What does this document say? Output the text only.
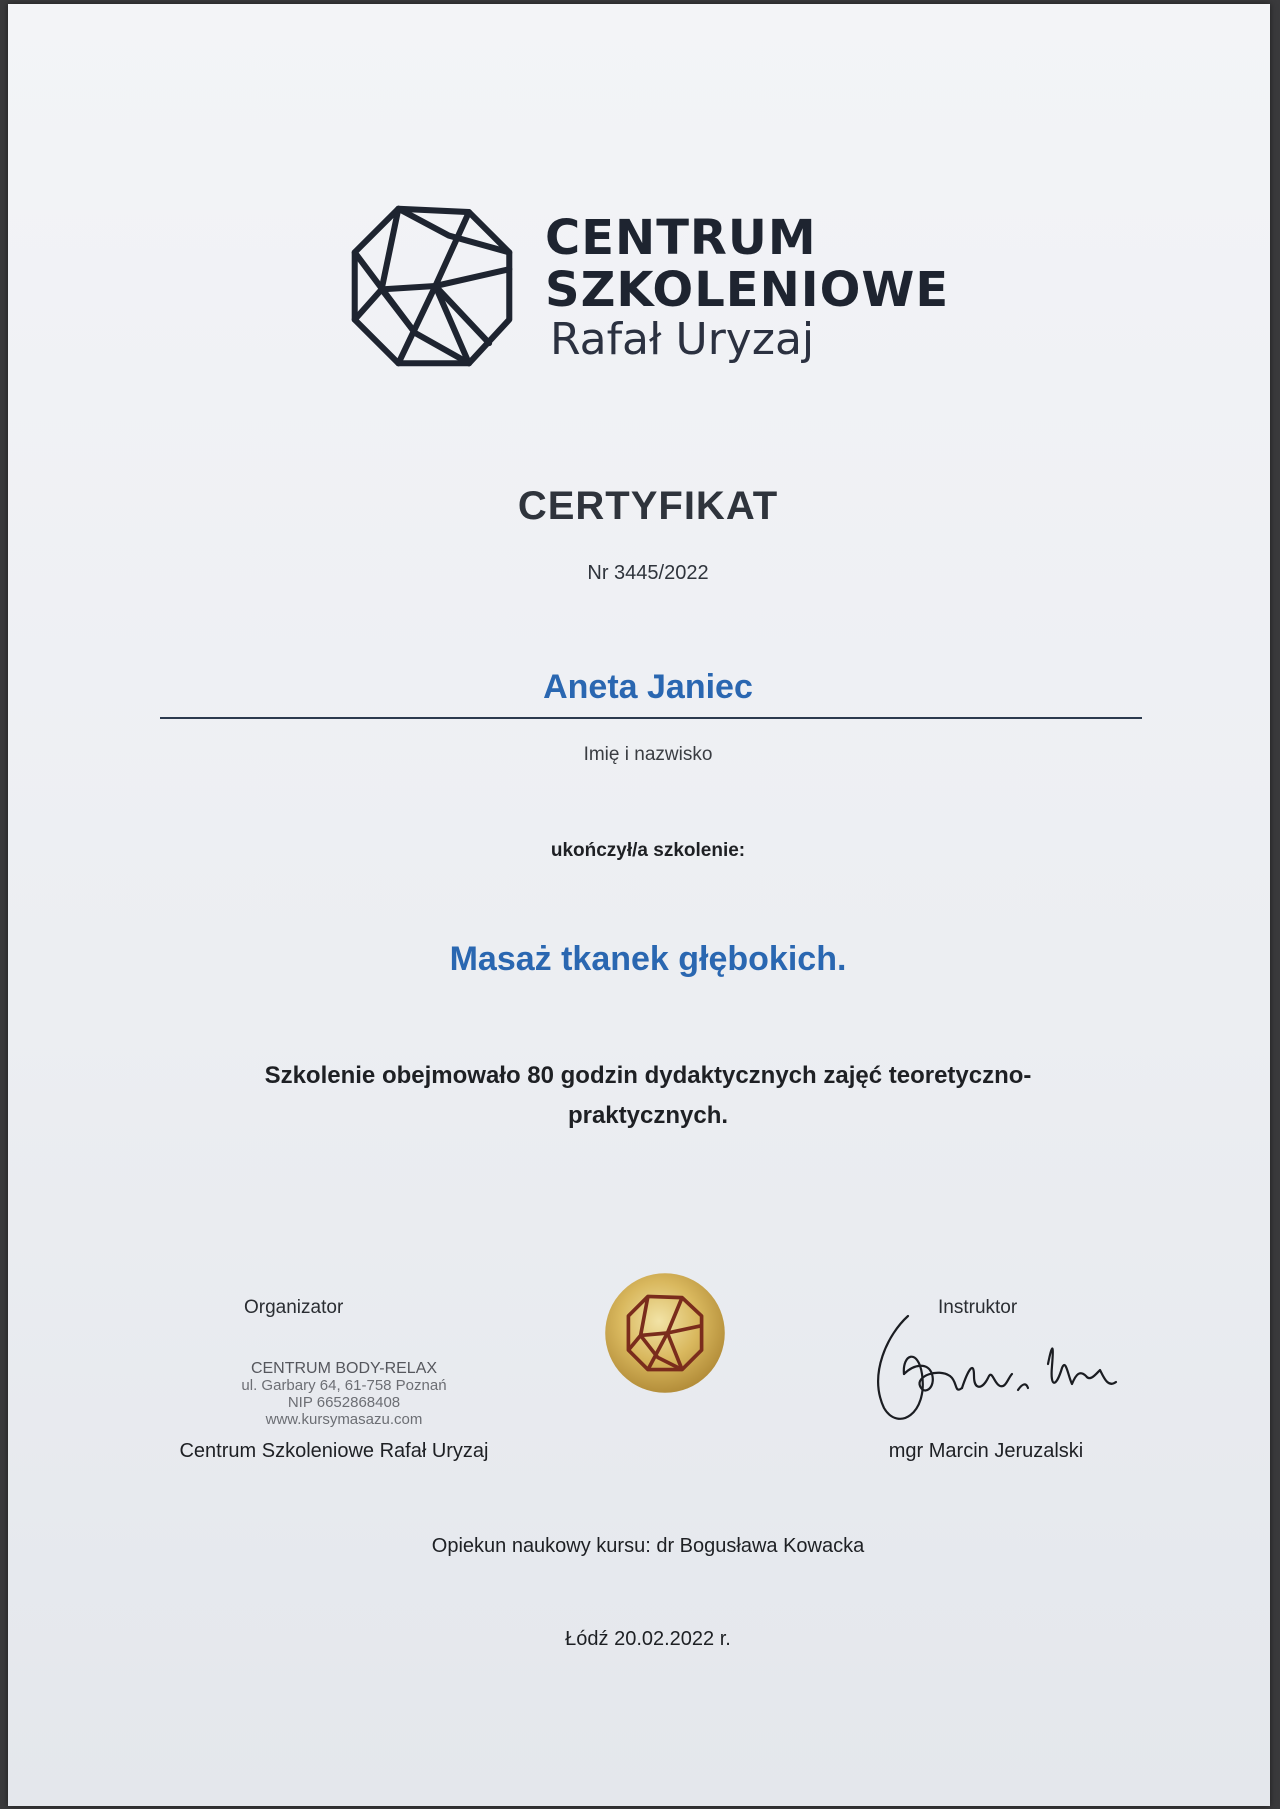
CENTRUM
SZKOLENIOWE
Rafał Uryzaj
CERTYFIKAT
Nr 3445/2022
Aneta Janiec
Imię i nazwisko
ukończył/a szkolenie:
Masaż tkanek głębokich.
Szkolenie obejmowało 80 godzin dydaktycznych zajęć teoretyczno-praktycznych.
Organizator
CENTRUM BODY-RELAX
ul. Garbary 64, 61-758 Poznań
NIP 6652868408
www.kursymasazu.com
Centrum Szkoleniowe Rafał Uryzaj
Instruktor
mgr Marcin Jeruzalski
Opiekun naukowy kursu: dr Bogusława Kowacka
Łódź 20.02.2022 r.
